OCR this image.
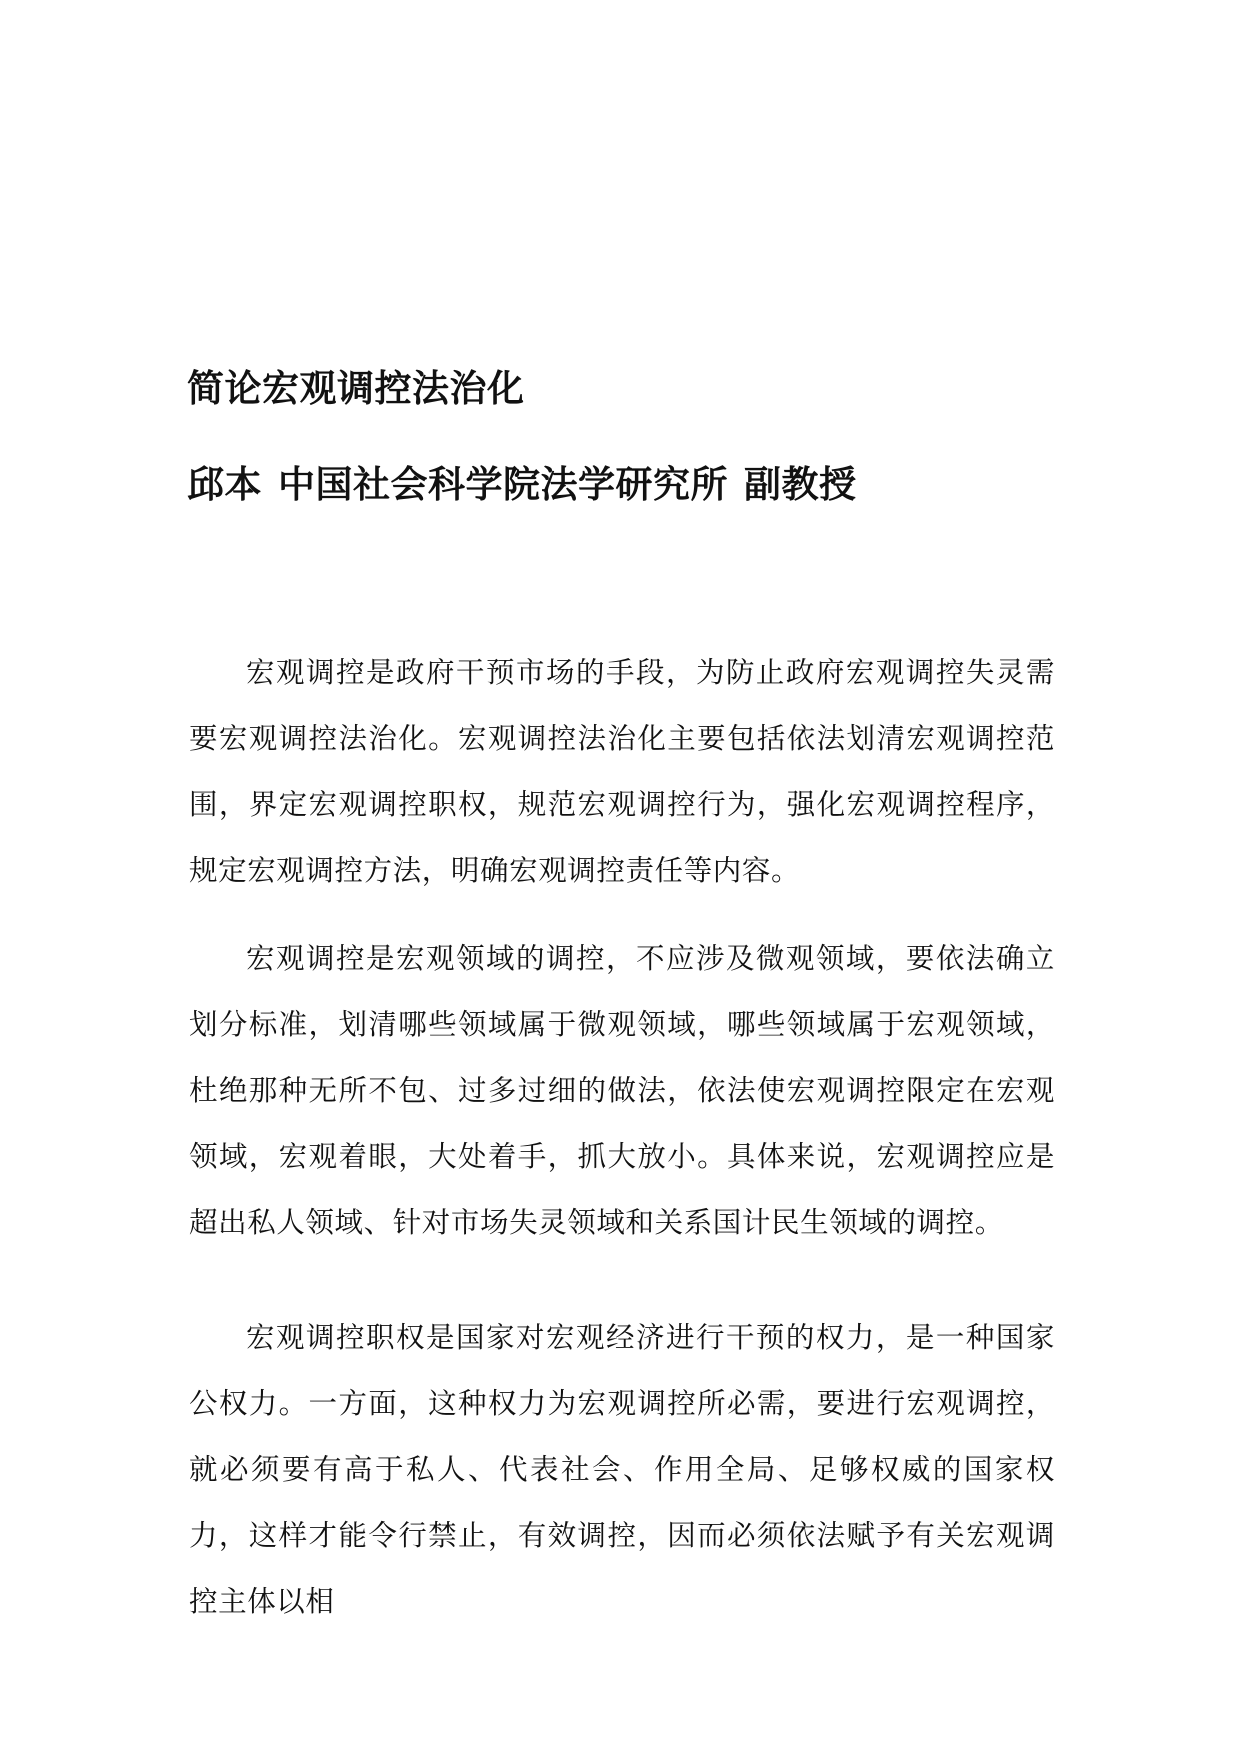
简论宏观调控法治化
邱本 中国社会科学院法学研究所 副教授

宏观调控是政府干预市场的手段，为防止政府宏观调控失灵需要宏观调控法治化。宏观调控法治化主要包括依法划清宏观调控范围，界定宏观调控职权，规范宏观调控行为，强化宏观调控程序，规定宏观调控方法，明确宏观调控责任等内容。

宏观调控是宏观领域的调控，不应涉及微观领域，要依法确立划分标准，划清哪些领域属于微观领域，哪些领域属于宏观领域，杜绝那种无所不包、过多过细的做法，依法使宏观调控限定在宏观领域，宏观着眼，大处着手，抓大放小。具体来说，宏观调控应是超出私人领域、针对市场失灵领域和关系国计民生领域的调控。

宏观调控职权是国家对宏观经济进行干预的权力，是一种国家公权力。一方面，这种权力为宏观调控所必需，要进行宏观调控，就必须要有高于私人、代表社会、作用全局、足够权威的国家权力，这样才能令行禁止，有效调控，因而必须依法赋予有关宏观调控主体以相
